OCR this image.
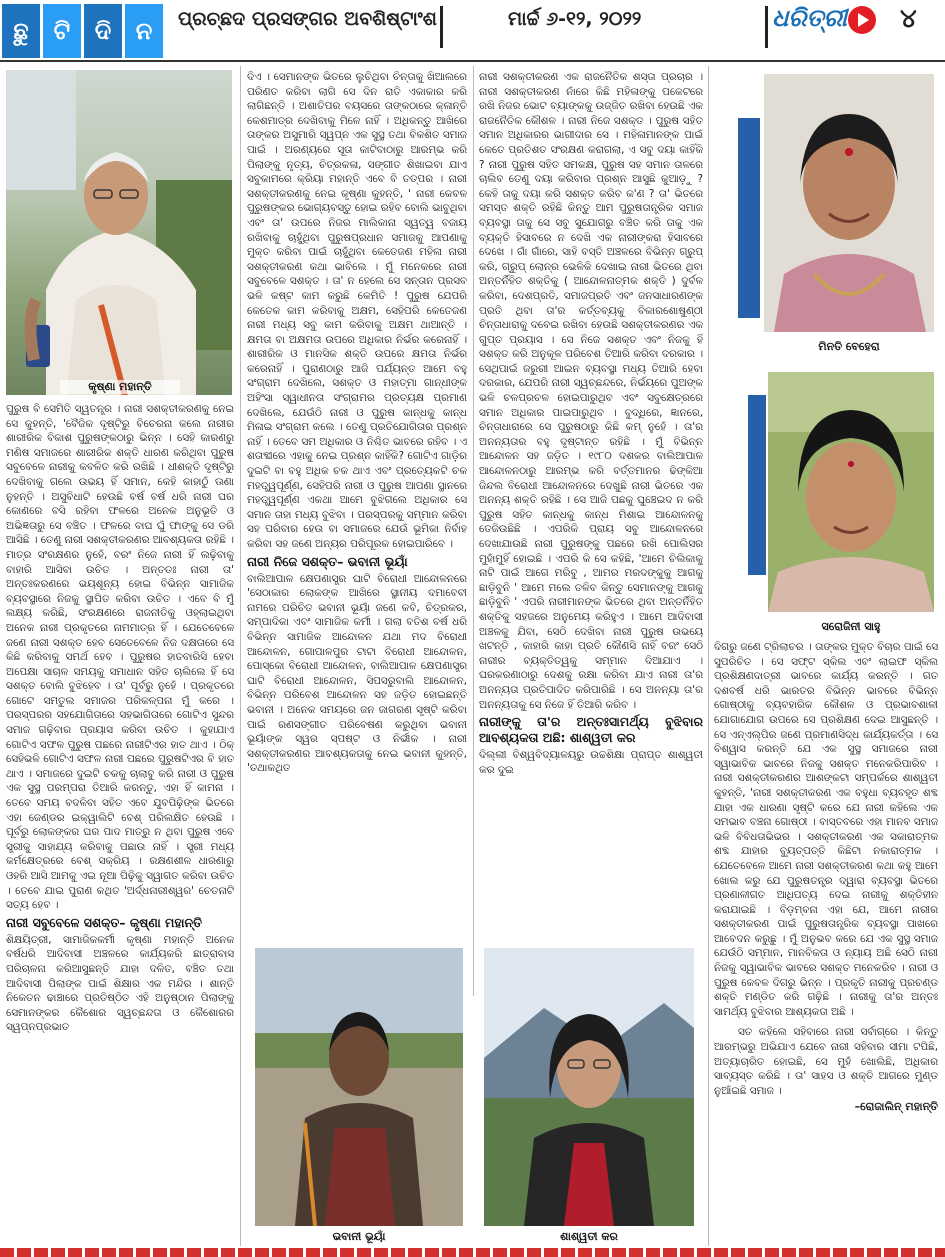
ଛୁ	ଟି	ଦି	ନ	ପ୍ରଚ୍ଛଦ ପ୍ରସଙ୍ଗର ଅବଶିଷ୍ଟାଂଶ	ମାର୍ଚ୍ଚ ୬-୧୨, ୨୦୨୨	ଧରିତ୍ରୀ ୪
କୃଷ୍ଣା ମହାନ୍ତି

ପୁରୁଷ ବି ସେମିତି ସ୍ୱତନ୍ତ୍ର । ନାରୀ ସଶକ୍ତୀକରଣକୁ ନେଇ ସେ କୁହନ୍ତି, 'ବୈଜିକ ଦୃଷ୍ଟିରୁ ବିଚେରନା କଲେ ନାରୀର ଶାରୀରିକ ବିକାଶ ପୁରୁଷଙ୍କଠାରୁ ଭିନ୍ନ । ସେହି କାରଣରୁ ମଣିଷ ସମାଜରେ ଶାରୀରିକ ଶକ୍ତି ଧାରଣ କରିଥିବା ପୁରୁଷ ସବୁବେଳେ ନାରୀକୁ କବଳିତ କରି ରଖିଛି । ଧୀଶକ୍ତି ଦୃଷ୍ଟିରୁ ଦେଖିବାକୁ ଗଲେ ଉଭୟ ହିଁ ସମାନ, କେହି କାହାଠୁଁ ଊଣା ନୁହନ୍ତି । ଅସୁବିଧାଟି ହେଉଛି ବର୍ଷ ବର୍ଷ ଧରି ନାରୀ ଘର କୋଣରେ ବସି ରହିବା ଫଳରେ ଅନେକ ଅନୁଭୂତି ଓ ଅଭିଜ୍ଞତାରୁ ସେ ବଞ୍ଚିତ । ଫଳରେ ବାଘ ଘୁଁ ଫାଙ୍କୁ ସେ ଡରି ଆସିଛି । ତେଣୁ ନାରୀ ସଶକ୍ତୀକରଣର ଆବଶ୍ୟକତା ରହିଛି । ମାତ୍ର ସଂରକ୍ଷଣର ନୁହେଁ, ବରଂ ନିଜେ ନାରୀ ହିଁ ଲଢ଼ିବାକୁ ବାହାରି ଆସିବା ଉଚିତ । ଅନ୍ତତଃ ନାରୀ ତା' ଅନ୍ତଃକରଣରେ ଭୟଶୂନ୍ୟ ହୋଇ ବିଭିନ୍ନ ସାମାଜିକ ବ୍ୟବସ୍ଥାରେ ନିଜକୁ ସ୍ଥାପିତ କରିବା ଉଚିତ । ଏବେ ବି ମୁଁ ଲକ୍ଷ୍ୟ କରିଛି, ସଂରକ୍ଷଣରେ ରାଜନୀତିକୁ ଓହ୍ଲାଇଥିବା ଅନେକ ନାରୀ ପ୍ରକୃତରେ ନାମମାତ୍ର ହିଁ । ଯେତେବେଳେ ଜଣେ ନାରୀ ସଶକ୍ତ ହେବ ସେତେବେଳେ ନିଜ ଦକ୍ଷତାରେ ସେ କିଛି କରିବାକୁ ସମର୍ଥ ହେବ । ପୁରୁଷର ହାତବାରିସି ହେବା ଅପେକ୍ଷା ସାଚାଳ ସମୟକୁ ସମାଧାନ ସହିତ ଚାଲିଲେ ହିଁ ସେ ସଶକ୍ତ ବୋଲି ବୁଝିହେବ । ତା' ପୂର୍ବରୁ ନୁହେଁ । ପ୍ରକୃତରେ ଗୋଟେ ସମତୁଲ ସମାଜର ପରିକଳ୍ପନା ମୁଁ କରେ । ପରସ୍ପରର ସହଯୋଗିତାରେ ସହଭାଗିତାରେ ଗୋଟିଏ ସୁନ୍ଦର ସମାଜ ଗଢ଼ିବାର ପ୍ରୟାସ କରିବା ଉଚିତ । କୁହାଯାଏ ଗୋଟିଏ ସଫଳ ପୁରୁଷ ପଛରେ ନାରୀଟିଏର ହାତ ଥାଏ । ଠିକ୍ ସେହିଭଳି ଗୋଟିଏ ସଫଳ ନାରୀ ପଛରେ ପୁରୁଷଟିଏର ବି ହାତ ଥାଏ । ସମାଜରେ ଦୁଇଟି ଚକକୁ ଚାଲାବୁ କରି ନାରୀ ଓ ପୁରୁଷ ଏକ ସୁସ୍ଥ ପରମ୍ପରା ତିଆରି କରନ୍ତୁ, ଏହା ହିଁ କାମନା । ତେବେ ସମୟ ବଦଳିବା ସହିତ ଏବେ ଯୁବପିଢ଼ିଙ୍କ ଭିତରେ ଏହା ଜେଣ୍ଡର ଇକ୍ୱାଲିଟି ବେଶ୍ ପରିଲକ୍ଷିତ ହେଉଛି । ପୂର୍ବରୁ ଲୋକଙ୍କର ଘର ପାଦ ମାତ୍ରୁ ନ ଥିବା ପୁରୁଷ ଏବେ ସ୍ତ୍ରୀକୁ ସାହାଯ୍ୟ କରିବାକୁ ପଛାଉ ନାହିଁ । ସ୍ତ୍ରୀ ମଧ୍ୟ କର୍ମକ୍ଷେତ୍ରରେ ବେଶ୍ ସକ୍ରିୟ । ରକ୍ଷଣଶୀଳ ଧାରଣାରୁ ଓହରି ଆସି ଆମକୁ ଏଇ ନୂଆ ପିଢ଼ିକୁ ସ୍ୱାଗତ କରିବା ଉଚିତ । ତେବେ ଯାଇ ପୁରାଣ କଥିତ 'ଅର୍ଦ୍ଧନାରୀଶ୍ୱର' ଚେତନାଟି ସତ୍ୟ ହେବ ।

ନାରୀ ସବୁବେଳେ ସଶକ୍ତ– କୃଷ୍ଣା ମହାନ୍ତି

ଶିକ୍ଷୟିତ୍ରୀ, ସାମାଜିକକର୍ମୀ କୃଷ୍ଣା ମହାନ୍ତି ଅନେକ ବର୍ଷଧରି ଆଦିବାସୀ ଅଞ୍ଚଳରେ କାର୍ଯ୍ୟକରି ଛାତ୍ରାବାସ ପରିଚାଳନା କରିଆସୁଛନ୍ତି ଯାହା ଦଳିତ, ବଞ୍ଚିତ ତଥା ଆଦିବାସୀ ପିଲାଙ୍କ ପାଇଁ ଶିକ୍ଷାର ଏକ ମନ୍ଦିର । ଶାନ୍ତି ନିକେତନ ଢାଞ୍ଚାରେ ପ୍ରତିଷ୍ଠିତ ଏହି ଅନୁଷ୍ଠାନ ପିଲାଙ୍କୁ ସେମାନଙ୍କର କୈଶୋର ସ୍ୱଚ୍ଛନ୍ଦତା ଓ କୈଶୋରର ସ୍ୱପ୍ନପ୍ରଭାତ

ଦିଏ । ସେମାନଙ୍କ ଭିତରେ ଲୁଚିଥିବା ଚିନ୍ତାକୁ ଖିଆଲରେ ପରିଣତ କରିବା ଲାଗି ସେ ଦିନ ରାତି ଏକାକାର କରି ଲାଗିଛନ୍ତି । ଅଶାତିପର ବୟସରେ ତାଙ୍କଠାରେ କ୍ଳାନ୍ତି କେଶମାତ୍ର ଦେଖିବାକୁ ମିଳେ ନାହିଁ । ଅଧିକନ୍ତୁ ଆଖିରେ ତାଙ୍କର ଅସୁମାରି ସ୍ୱପ୍ନ ଏକ ସୁସ୍ଥ ତଥା ବିକଶିତ ସମାଜ ପାଇଁ । ଅରଣ୍ୟରେ ସୂତା କାଟିବାଠାରୁ ଆରମ୍ଭ କରି ପିଲାଙ୍କୁ ନୃତ୍ୟ, ଚିତ୍ରକଳା, ସଙ୍ଗୀତ ଶିଖାଇବା ଯାଏ ସବୁକାମରେ କ୍ରିୟା ମହାନ୍ତି ଏବେ ବି ତତ୍ପର । ନାରୀ ସଶକ୍ତୀକରଣକୁ ନେଇ କୃଷ୍ଣା କୁହନ୍ତି, ' ନାରୀ କେବଳ ପୁରୁଷଙ୍କର ଭୋଗ୍ୟବସ୍ତୁ ହୋଇ ରହିବ ବୋଲି ଭାବୁଥିବା ଏବଂ ତା' ଉପରେ ନିଜର ମାଲିକାନା ସ୍ୱତ୍ୱ ବଜାୟ ରଖିବାକୁ ଚାହୁଁଥିବା ପୁରୁଷପ୍ରଧାନ ସମାଜକୁ ଆପଣାକୁ ମୁକ୍ତ କରିବା ପାଇଁ ଚାହୁଁଥିବା କେତେଜଣ ମହିଳା ନାରୀ ସଶକ୍ତୀକରଣ କଥା ଭାବିଲେ । ମୁଁ ମନେକରେ ନାରୀ ସବୁବେଳେ ସଶକ୍ତ । ତା' ନ ହେଲେ ସେ ସନ୍ତାନ ପ୍ରସବ ଭଳି କଷ୍ଟ କାମ କରୁଛି କେମିତି ! ପୁରୁଷ ଯେପରି କେତେକ କାମ କରିବାକୁ ଅକ୍ଷମ, ସେହିପରି କେତେଜଣ ନାରୀ ମଧ୍ୟ ସବୁ କାମ କରିବାକୁ ଅକ୍ଷମ ଥାଆନ୍ତି । କ୍ଷମତା ବା ଅକ୍ଷମତା ଉପରେ ଅଧିକାର ନିର୍ଭର କରେନାହିଁ । ଶାରୀରିକ ଓ ମାନସିକ ଶକ୍ତି ଉପରେ କ୍ଷମତା ନିର୍ଭର କରେନାହିଁ । ପୁରାଣଠାରୁ ଆଜି ପର୍ଯ୍ୟନ୍ତ ଆମେ ବହୁ ସଂଗ୍ରାମ ଦେଖିଲେ, ସଶକ୍ତ ଓ ମହାତ୍ମା ଗାନ୍ଧୀଙ୍କ ଅହିଂସା ସ୍ୱାଧୀନତା ସଂଗ୍ରାମର ପ୍ରତ୍ୟକ୍ଷ ପ୍ରମାଣ ଦେଖିଲେ, ଯେଉଁଠି ନାରୀ ଓ ପୁରୁଷ କାନ୍ଧକୁ କାନ୍ଧ ମିଳାଇ ସଂଗ୍ରାମ କଲେ । ତେଣୁ ପ୍ରତିଯୋଗିତାର ପ୍ରଶ୍ନ ନାହିଁ । ତେବେ ସମ ଅଧିକାର ଓ ନିଶ୍ଚିତ ଭାବରେ ରହିବ । ଏ ଶତାବ୍ଦୀରେ ଏହାକୁ ନେଇ ପ୍ରଶ୍ନ କାହିଁକି? ଗୋଟିଏ ଗାଡ଼ିର ଦୁଇଟି ବା ବହୁ ଅଧିକ ଚକ ଥାଏ ଏବଂ ପ୍ରତ୍ୟେକଟି ଚକ ମହତ୍ତ୍ୱପୂର୍ଣ୍ଣ, ସେହିପରି ନାରୀ ଓ ପୁରୁଷ ଆପଣା ସ୍ଥାନରେ ମହତ୍ତ୍ୱପୂର୍ଣ୍ଣ ଏକଥା ଆମେ ବୁଝିଗଲେ ଅଧିକାର ସେ ସମାନ ତାହା ମଧ୍ୟ ବୁଝିବା । ପରସ୍ପରକୁ ସମ୍ମାନ କରିବା ସହ ପରିବାର ହେଉ ବା ସମାଜରେ ଯେଉଁ ଭୂମିକା ନିର୍ବାହ କରିବା ସହ ଜଣେ ଅନ୍ୟର ପରିପୂରକ ହୋଇପାରିବେ ।

ନାରୀ ନିଜେ ସଶକ୍ତ– ଭବାନୀ ଭୂୟାଁ

ବାଲିଆପାଳ କ୍ଷେପଣାସ୍ତ୍ର ଘାଟି ବିରୋଧୀ ଆନ୍ଦୋଳନରେ 'ସେଠାକାର ଲୋକଙ୍କ ଆଖିରେ ସ୍ଥାନୀୟ ଦମାବେବୀ ନାମରେ ପରିଚିତ ଭବାନୀ ଭୂୟାଁ ଜଣେ କବି, ଚିତ୍ରକର, ସମ୍ପାଦିକା ଏବଂ ସାମାଜିକ କର୍ମୀ । ଗଲା ବତିଶ ବର୍ଷ ଧରି ବିଭିନ୍ନ ସାମାଜିକ ଆନ୍ଦୋଳନ ଯଥା ମଦ ବିରୋଧୀ ଆନ୍ଦୋଳନ, ଗୋପାଳପୁର ଟାଟା ବିରୋଧୀ ଆନ୍ଦୋଳନ, ପୋସ୍କୋ ବିରୋଧୀ ଆନ୍ଦୋଳନ, ବାଲିଆପାଳ କ୍ଷେପଣାସ୍ତ୍ର ଘାଟି ବିରୋଧୀ ଆନ୍ଦୋଳନ, ସିପସରୁବାଲି ଆନ୍ଦୋଳନ, ବିଭିନ୍ନ ପରିବେଶ ଆନ୍ଦୋଳନ ସହ ଜଡ଼ିତ ହୋଇଛନ୍ତି ଭବାନୀ । ଅନେକ ସମୟରେ ଜନ ଜାଗରଣ ସୃଷ୍ଟି କରିବା ପାଇଁ ରଣସଙ୍ଗୀତ ପରିବେଷଣ କରୁଥିବା ଭବାନୀ ଭୂୟାଁଙ୍କ ସ୍ୱର ସ୍ପଷ୍ଟ ଓ ନିର୍ଭୀକ । ନାରୀ ସଶକ୍ତୀକରଣର ଆବଶ୍ୟକତାକୁ ନେଇ ଭବାନୀ କୁହନ୍ତି, 'ତଥାକଥିତ

ନାରୀ ସଶକ୍ତୀକରଣ ଏକ ରାଜନୈତିକ ଶସ୍ତା ପ୍ରଚାର । ନାରୀ ସଶକ୍ତୀକରଣ ନାଁରେ କିଛି ମହିଳାଙ୍କୁ ପକେଟରେ ରଖି ନିଜର ଭୋଟ ବ୍ୟାଙ୍କକୁ ଉଜ୍ଜିତ ରଖିବା ହେଉଛି ଏକ ରାଜନୈତିକ କୌଶଳ । ନାରୀ ନିଜେ ସଶକ୍ତ । ପୁରୁଷ ସହିତ ସମାନ ଅଧିକାରର ଭାଗୀଦାର ସେ । ମହିଳାମାନଙ୍କ ପାଇଁ କେତେ ପ୍ରତିଶତ ସଂରକ୍ଷଣ କରାଗଲା, ଏ ସବୁ ଦୟା କାହିଁକି ? ନାରୀ ପୁରୁଷ ସହିତ ସମକକ୍ଷ, ପୁରୁଷ ସହ ସମାନ ତାଳରେ ଚାଲିବ ତେଣୁ ଦୟା କରିବାର ପ୍ରଶ୍ନ ଆସୁଛି କୁଆଡ଼ୁ ? କେହି ତାକୁ ଦୟା କରି ସଶକ୍ତ କରିବ କ'ଣ ? ତା' ଭିତରେ ସମସ୍ତ ଶକ୍ତି ରହିଛି କିନ୍ତୁ ଆମ ପୁରୁଷତାନ୍ତ୍ରିକ ସମାଜ ବ୍ୟବସ୍ଥା ତାକୁ ସେ ସବୁ ସୁଯୋଗରୁ ବଞ୍ଚିତ କରି ତାକୁ ଏକ ବ୍ୟକ୍ତି ହିସାବରେ ନ ଦେଖି ଏକ ନାରୀଙ୍କରା ହିସାବରେ ଦେଖେ । ଗାଁ ଗାଁରେ, ସାହି ବସ୍ତି ଅଞ୍ଚଳରେ ବିଭିନ୍ନ ଗ୍ରୁପ୍ କରି, ଗ୍ରୁପ୍ ଲୋନ୍ର ଭେଳିକି ଦେଖାଇ ନାରୀ ଭିତରେ ଥିବା ଅନ୍ତର୍ନିହିତ ଶକ୍ତିକୁ ( ଆନ୍ଦୋଳନାତ୍ମକ ଶକ୍ତି ) ଦୁର୍ବଳ କରିବା, ଦେଶପ୍ରତି, ସମାଜପ୍ରତି ଏବଂ ଜନସାଧାରଣଙ୍କ ପ୍ରତି ଥିବା ତା'ର କର୍ତ୍ତବ୍ୟକୁ ବିକାରଶୋଷୁଣ୍ଠୀ ଚିନ୍ତାଧାରାକୁ ଦବେଇ ରଖିବା ହେଉଛି ସଶକ୍ତୀକରଣର ଏକ ଗୁପ୍ତ ପ୍ରୟାସ । ସେ ନିଜେ ସଶକ୍ତ ଏବଂ ନିଜକୁ ହିଁ ସଶକ୍ତ କରି ଅନୁକୂଳ ପରିବେଶ ତିଆରି କରିବା ଦରକାର । ସେଥିପାଇଁ ଜରୁରୀ ଆଇନ ବ୍ୟବସ୍ଥା ମଧ୍ୟ ତିଆରି ହେବା ଦରକାର, ଯେପରି ନାରୀ ସ୍ୱଚ୍ଛନ୍ଦରେ, ନିର୍ଭୟରେ ପୁଅଙ୍କ ଭଳି ଚଳପ୍ରଚଳ ହୋଇପାରୁଥିବ ଏବଂ ସବୁକ୍ଷେତ୍ରରେ ସମାନ ଅଧିକାର ପାଇପାରୁଥିବ । ବୁଦ୍ଧିରେ, ଜ୍ଞାନରେ, ଚିନ୍ତାଧାରାରେ ସେ ପୁରୁଷଠାରୁ କିଛି କମ୍ ନୁହେଁ । ତା'ର ଅନନ୍ୟତାର ବହୁ ଦୃଷ୍ଟାନ୍ତ ରହିଛି । ମୁଁ ବିଭିନ୍ନ ଆନ୍ଦୋଳନ ସହ ଜଡ଼ିତ । ୧୯୮୦ ଦଶକର ବାଲିଆପାଳ ଆନ୍ଦୋଳନଠାରୁ ଆରମ୍ଭ କରି ବର୍ତ୍ତମାନର ଢିଙ୍କିଆ ଜିନ୍ଦଲ ବିରୋଧୀ ଆନ୍ଦୋଳନରେ ଦେଖୁଛି ନାରୀ ଭିତରେ ଏକ ଅନନ୍ୟ ଶକ୍ତି ରହିଛି । ସେ ଆଜି ପଛକୁ ଘୁଞ୍ଚେଇଦ ନ କରି ପୁରୁଷ ସହିତ କାନ୍ଧକୁ କାନ୍ଧ ମିଶାଇ ଆନ୍ଦୋଳନକୁ ତେଜିଉଛିଛି । ଏପରିକି ପ୍ରାୟ ସବୁ ଆନ୍ଦୋଳନରେ ଦେଖାଯାଉଛି ନାରୀ ପୁରୁଷଙ୍କୁ ପଛରେ ରଖି ପୋଲିସର ମୁହାଁମୁହିଁ ହୋଇଛି । ଏପରି କି ସେ କହିଛି, 'ଆମେ ଚିଲିକାକୁ ନାଟି ପାଇଁ ଆଗେ ମରିବୁ , ଆମର ମରଦଙ୍କୁକୁ ଆଗକୁ ଛାଡ଼ିବୁନି ' ଆମେ ମଲେ ତଳିବ କିନ୍ତୁ ସେମାନଙ୍କୁ ଆଗକୁ ଛାଡ଼ିବୁନି ' ଏପରି ନାରୀମାନଙ୍କ ଭିତରେ ଥିବା ଅନ୍ତର୍ନିହିତ ଶକ୍ତିକୁ ସହଜରେ ଅନୁମେୟ କରିହୁଏ । ଆମେ ଆଦିବାସୀ ଅଞ୍ଚଳକୁ ଯିବା, ସେଠି ଦେଖିବା ନାରୀ ପୁରୁଷ ଉଭୟେ ଖଟନ୍ତି , କାହାରି କାହା ପ୍ରତି କୌଣସି ନାହିଁ ବରଂ ସେଠି ନାରୀର ବ୍ୟକ୍ତିତ୍ୱକୁ ସମ୍ମାନ ଦିଆଯାଏ । ଘରକରଣାଠାରୁ ଦେଶକୁ ରକ୍ଷା କରିବା ଯାଏ ନାରୀ ତା'ର ଅନନ୍ୟତା ପ୍ରତିପାଦିତ କରିପାରିଛି । ସେ ଅନନ୍ୟା ତା'ର ଅନନ୍ୟତାକୁ ସେ ନିଜେ ହିଁ ତିଆରି କରିବ ।

ନାରୀଙ୍କୁ ତା'ର ଅନ୍ତଃସାମର୍ଥ୍ୟ ବୁଝିବାର ଆବଶ୍ୟକତା ଅଛି: ଶାଶ୍ୱତୀ କର

ଦିଲ୍ଲୀ ବିଶ୍ୱବିଦ୍ୟାଳୟରୁ ଉଚ୍ଚଶିକ୍ଷା ପ୍ରାପ୍ତ ଶାଶ୍ୱତୀ କର ଦୁଇ

ମିନତି ବେହେରା
ସରୋଜିନୀ ସାହୁ

ଦିଗରୁ ଜଣେ ଟ୍ରିଲାଚର । ତାଙ୍କର ମୁକ୍ତ ବିଚାର ପାଇଁ ସେ ସୁପରିଚିତ । ସେ ସଫ୍ଟ ସ୍କିଲ ଏବଂ ଲାଇଫ ସ୍କିଲ ପ୍ରଶିକ୍ଷଣଦାତ୍ରୀ ଭାବରେ କାର୍ଯ୍ୟ କରନ୍ତି । ଗତ ଦଶବର୍ଷ ଧରି ଭାରତର ବିଭିନ୍ନ ଭାବରେ ବିଭିନ୍ନ ଗୋଷ୍ଠୀକୁ ବ୍ୟବହାରିକ କୌଶଳ ଓ ପ୍ରଭାବଶାଳୀ ଯୋଗାଯୋଗ ଉପରେ ସେ ପ୍ରଶିକ୍ଷଣ ଦେଇ ଆସୁଛନ୍ତି । ସେ ଏନ୍‌ଏଲ୍‌ପିର ଜଣେ ପ୍ରମାଣସିଦ୍ଧ କାର୍ଯ୍ୟକର୍ତ୍ତା । ସେ ବିଶ୍ୱାସ କରନ୍ତି ଯେ ଏକ ସୁସ୍ଥ ସମାଜରେ ନାରୀ ସ୍ୱାଭାବିକ ଭାବରେ ନିଜକୁ ସଶକ୍ତ ମନେକରିପାରିବ । ନାରୀ ସଶକ୍ତୀକରଣର ଆଶଙ୍କଟା ସମ୍ପର୍କରେ ଶାଶ୍ୱତୀ କୁହନ୍ତି, 'ନାରୀ ସଶକ୍ତୀକରଣ ଏକ ବହୁଧା ବ୍ୟବହୃତ ଶବ୍ଦ ଯାହା ଏକ ଧାରଣା ସୃଷ୍ଟି କରେ ଯେ ନାରୀ କହିଲେ ଏକ ସମଭାବ ବଞ୍ଚନା ଗୋଷ୍ଠୀ । ବାସ୍ତବରେ ଏହା ମାନବ ସମାଜ ଭଳି ବିବିଧତାଭିଭର । ସଶକ୍ତୀକରଣ ଏକ ସକାରାତ୍ମକ ଶବ୍ଦ ଯାହାର ବ୍ୟୁତ୍ପତ୍ତି କିଛିଟା ନକାରାତ୍ମକ । ଯେତେବେଳେ ଆମେ ନାରୀ ସଶକ୍ତୀକରଣ କଥା କହୁ ଆମେ ଖୋଲ କରୁ ଯେ ପୁରୁଷତନ୍ତ୍ର ଦ୍ୱାରା ବ୍ୟବସ୍ଥା ଭିତରେ ପ୍ରଣାଳୀଗତ ଆଧିପତ୍ୟ ଦେଇ ନାରୀକୁ ଶକ୍ତିହୀନ କରାଯାଇଛି । ବିଡ଼ମ୍ବନା ଏହା ଯେ, ଆମେ ନାରୀର ସଶକ୍ତୀକରଣ ପାଇଁ ପୁରୁଷତାନ୍ତ୍ରିକ ବ୍ୟବସ୍ଥା ପାଖରେ ଆବେଦନ କରୁଛୁ । ମୁଁ ଅନୁଭବ କରେ ଯେ ଏକ ସୁସ୍ଥ ସମାଜ ଯେଉଁଠି ସମ୍ମାନ, ମାନବିକତା ଓ ନ୍ୟାୟ ଅଛି ସେଠି ନାରୀ ନିଜକୁ ସ୍ୱାଭାବିକ ଭାବରେ ସଶକ୍ତ ମନେକରିବ । ନାରୀ ଓ ପୁରୁଷ କେବଳ ଦିଗରୁ ଭିନ୍ନ । ପ୍ରକୃତି ନାରୀକୁ ପ୍ରଚଣ୍ଡ ଶକ୍ତି ମଣ୍ଡିତ କରି ଗଢ଼ିଛି । ନାରୀକୁ ତା'ର ଅନ୍ତଃ ସାମର୍ଥ୍ୟ ବୁଝିବାର ଆଶ୍ୟକତା ଅଛି ।

ସତ କହିଲେ ସହିବାରେ ନାରୀ ସର୍ବାଗ୍ରେ । କିନ୍ତୁ ଆରମ୍ଭରୁ ଅଭିଯାଏ ଯେବେ ନାରୀ ସହିବାର ସୀମା ଟପିଛି, ଅତ୍ୟାଚାରିତ ହୋଇଛି, ସେ ମୁହଁ ଖୋଲିଛି, ଅଧିକାର ସାବ୍ୟସ୍ତ କରିଛି । ତା' ସାହସ ଓ ଶକ୍ତି ଆଗରେ ମୁଣ୍ଡ ନୁଆଁଇଛି ସମାଜ ।

–ରୋଜାଲିନ୍ ମହାନ୍ତି
ଭବାନୀ ଭୂୟାଁ	ଶାଶ୍ୱତୀ କର
